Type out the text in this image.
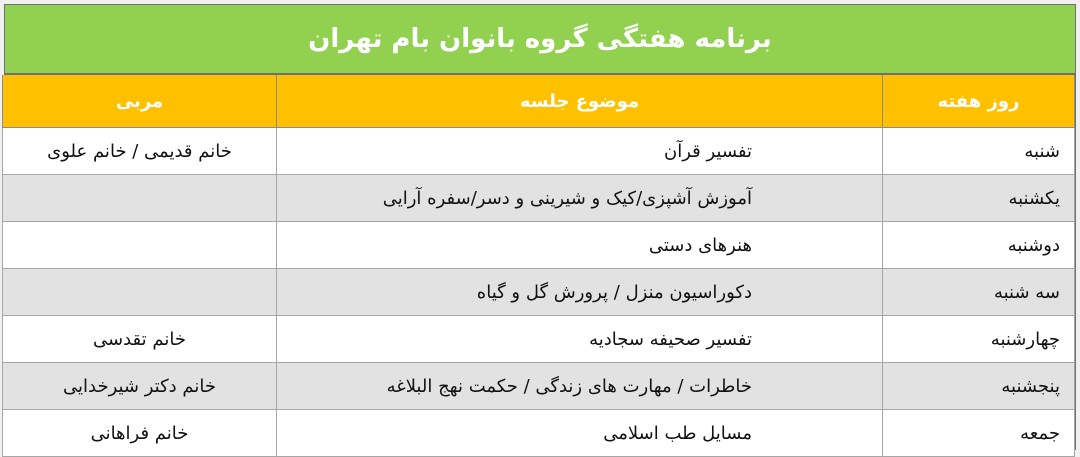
برنامه هفتگی گروه بانوان بام تهران
روز هفته	موضوع جلسه	مربی
شنبه	تفسیر قرآن	خانم قدیمی / خانم علوی
یکشنبه	آموزش آشپزی/کیک و شیرینی و دسر/سفره آرایی	
دوشنبه	هنرهای دستی	
سه شنبه	دکوراسیون منزل / پرورش گل و گیاه	
چهارشنبه	تفسیر صحیفه سجادیه	خانم تقدسی
پنجشنبه	خاطرات / مهارت های زندگی / حکمت نهج البلاغه	خانم دکتر شیرخدایی
جمعه	مسایل طب اسلامی	خانم فراهانی
